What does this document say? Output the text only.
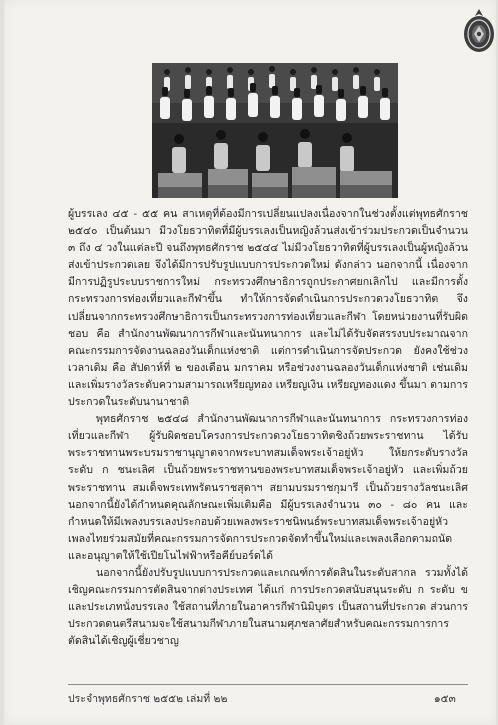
ผู้บรรเลง ๔๕ - ๕๕ คน สาเหตุที่ต้องมีการเปลี่ยนแปลงเนื่องจากในช่วงตั้งแต่พุทธศักราช ๒๕๔๐ เป็นต้นมา มีวงโยธวาทิตที่มีผู้บรรเลงเป็นหญิงล้วนส่งเข้าร่วมประกวดเป็นจำนวน ๓ ถึง ๔ วงในแต่ละปี จนถึงพุทธศักราช ๒๕๔๔ ไม่มีวงโยธวาทิตที่ผู้บรรเลงเป็นผู้หญิงล้วนส่งเข้าประกวดเลย จึงได้มีการปรับรูปแบบการประกวดใหม่ ดังกล่าว นอกจากนี้ เนื่องจากมีการปฏิรูประบบราชการใหม่ กระทรวงศึกษาธิการถูกประกาศยกเลิกไป และมีการตั้งกระทรวงการท่องเที่ยวและกีฬาขึ้น ทำให้การจัดดำเนินการประกวดวงโยธวาทิต จึงเปลี่ยนจากกระทรวงศึกษาธิการเป็นกระทรวงการท่องเที่ยวและกีฬา โดยหน่วยงานที่รับผิดชอบ คือ สำนักงานพัฒนาการกีฬาและนันทนาการ และไม่ได้รับจัดสรรงบประมาณจากคณะกรรมการจัดงานฉลองวันเด็กแห่งชาติ แต่การดำเนินการจัดประกวด ยังคงใช้ช่วงเวลาเดิม คือ สัปดาห์ที่ ๒ ของเดือน มกราคม หรือช่วงงานฉลองวันเด็กแห่งชาติ เช่นเดิม และเพิ่มรางวัลระดับความสามารถเหรียญทอง เหรียญเงิน เหรียญทองแดง ขึ้นมา ตามการประกวดในระดับนานาชาติ

พุทธศักราช ๒๕๔๘ สำนักงานพัฒนาการกีฬาและนันทนาการ กระทรวงการท่องเที่ยวและกีฬา ผู้รับผิดชอบโครงการประกวดวงโยธวาทิตชิงถ้วยพระราชทาน ได้รับพระราชทานพระบรมราชานุญาตจากพระบาทสมเด็จพระเจ้าอยู่หัว ให้ยกระดับรางวัล ระดับ ก ชนะเลิศ เป็นถ้วยพระราชทานของพระบาทสมเด็จพระเจ้าอยู่หัว และเพิ่มถ้วยพระราชทาน สมเด็จพระเทพรัตนราชสุดาฯ สยามบรมราชกุมารี เป็นถ้วยรางวัลชนะเลิศ นอกจากนี้ยังได้กำหนดคุณลักษณะเพิ่มเติมคือ มีผู้บรรเลงจำนวน ๓๐ - ๘๐ คน และกำหนดให้มีเพลงบรรเลงประกอบด้วยเพลงพระราชนิพนธ์พระบาทสมเด็จพระเจ้าอยู่หัว เพลงไทยร่วมสมัยที่คณะกรรมการจัดการประกวดจัดทำขึ้นใหม่และเพลงเลือกตามถนัด และอนุญาตให้ใช้เปียโนไฟฟ้าหรือคีย์บอร์ดได้

นอกจากนี้ยังปรับรูปแบบการประกวดและเกณฑ์การตัดสินในระดับสากล รวมทั้งได้เชิญคณะกรรมการตัดสินจากต่างประเทศ ได้แก่ การประกวดสนับสนุนระดับ ก ระดับ ข และประเภทนั่งบรรเลง ใช้สถานที่ภายในอาคารกีฬานิมิบุตร เป็นสถานที่ประกวด ส่วนการประกวดดนตรีสนามจะใช้สนามกีฬาภายในสนามศุภชลาศัยสำหรับคณะกรรมการการตัดสินได้เชิญผู้เชี่ยวชาญ

ประจำพุทธศักราช ๒๕๕๒ เล่มที่ ๒๒	๑๕๓
